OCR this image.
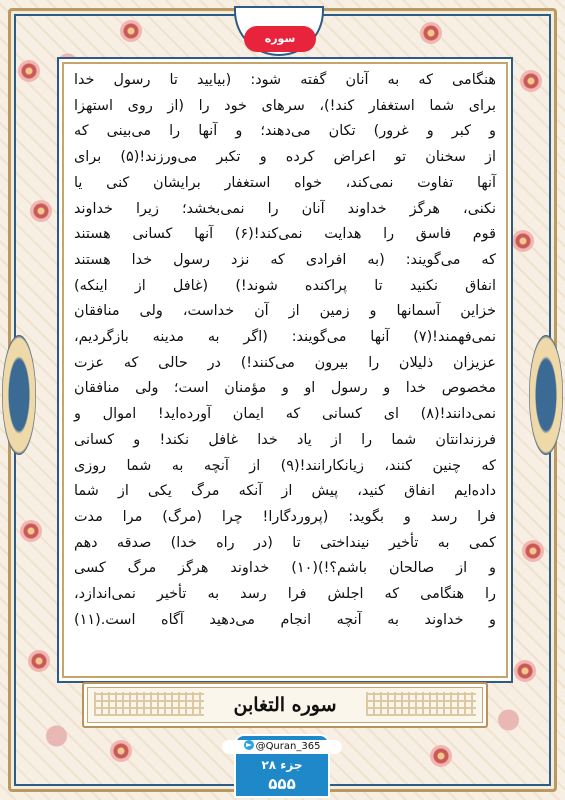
سوره
هنگامی که به آنان گفته شود: (بیایید تا رسول خدا
برای شما استغفار کند!)، سرهای خود را (از روی استهزا
و کبر و غرور) تکان می‌دهند؛ و آنها را می‌بینی که
از سخنان تو اعراض کرده و تکبر می‌ورزند!(۵) برای
آنها تفاوت نمی‌کند، خواه استغفار برایشان کنی یا
نکنی، هرگز خداوند آنان را نمی‌بخشد؛ زیرا خداوند
قوم فاسق را هدایت نمی‌کند!(۶) آنها کسانی هستند
که می‌گویند: (به افرادی که نزد رسول خدا هستند
انفاق نکنید تا پراکنده شوند!) (غافل از اینکه)
خزاین آسمانها و زمین از آن خداست، ولی منافقان
نمی‌فهمند!(۷) آنها می‌گویند: (اگر به مدینه بازگردیم،
عزیزان ذلیلان را بیرون می‌کنند!) در حالی که عزت
مخصوص خدا و رسول او و مؤمنان است؛ ولی منافقان
نمی‌دانند!(۸) ای کسانی که ایمان آورده‌اید! اموال و
فرزندانتان شما را از یاد خدا غافل نکند! و کسانی
که چنین کنند، زیانکارانند!(۹) از آنچه به شما روزی
داده‌ایم انفاق کنید، پیش از آنکه مرگ یکی از شما
فرا رسد و بگوید: (پروردگارا! چرا (مرگ) مرا مدت
کمی به تأخیر نینداختی تا (در راه خدا) صدقه دهم
و از صالحان باشم؟!)(۱۰) خداوند هرگز مرگ کسی
را هنگامی که اجلش فرا رسد به تأخیر نمی‌اندازد،
و خداوند به آنچه انجام می‌دهید آگاه است.(۱۱)
سوره التغابن
@Quran_365
جزء ۲۸
۵۵۵
